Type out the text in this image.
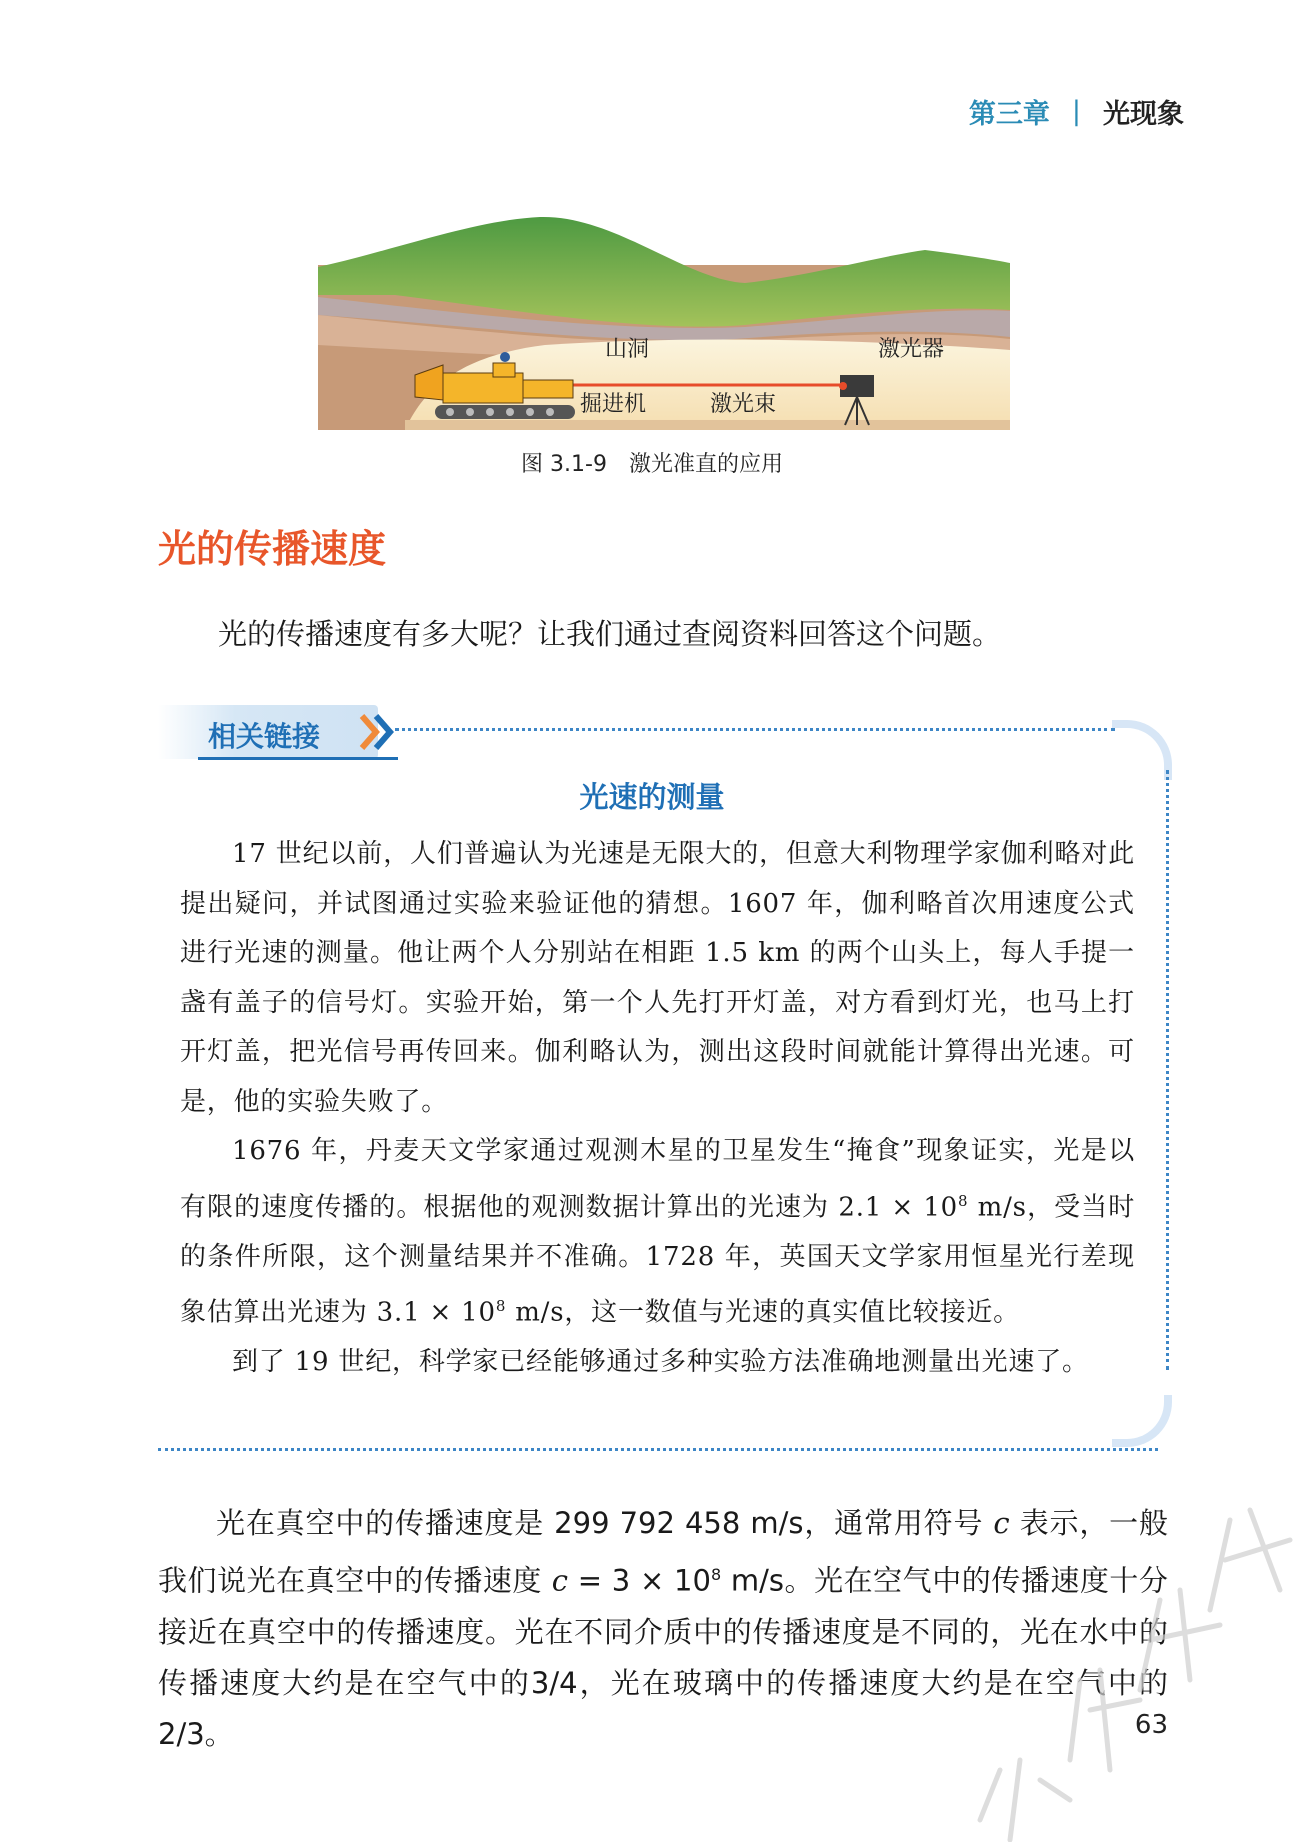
第三章 | 光现象
山洞	激光器
掘进机	激光束
图 3.1-9 激光准直的应用
光的传播速度

光的传播速度有多大呢？让我们通过查阅资料回答这个问题。

相关链接
光速的测量

17 世纪以前，人们普遍认为光速是无限大的，但意大利物理学家伽利略对此提出疑问，并试图通过实验来验证他的猜想。1607 年，伽利略首次用速度公式进行光速的测量。他让两个人分别站在相距 1.5 km 的两个山头上，每人手提一盏有盖子的信号灯。实验开始，第一个人先打开灯盖，对方看到灯光，也马上打开灯盖，把光信号再传回来。伽利略认为，测出这段时间就能计算得出光速。可是，他的实验失败了。

1676 年，丹麦天文学家通过观测木星的卫星发生“掩食”现象证实，光是以有限的速度传播的。根据他的观测数据计算出的光速为 $2.1 \times 10^8$ m/s，受当时的条件所限，这个测量结果并不准确。1728 年，英国天文学家用恒星光行差现象估算出光速为 $3.1 \times 10^8$ m/s，这一数值与光速的真实值比较接近。

到了 19 世纪，科学家已经能够通过多种实验方法准确地测量出光速了。

光在真空中的传播速度是 299 792 458 m/s，通常用符号 c 表示，一般我们说光在真空中的传播速度 $c = 3 \times 10^8$ m/s。光在空气中的传播速度十分接近在真空中的传播速度。光在不同介质中的传播速度是不同的，光在水中的传播速度大约是在空气中的3/4，光在玻璃中的传播速度大约是在空气中的2/3。	63
